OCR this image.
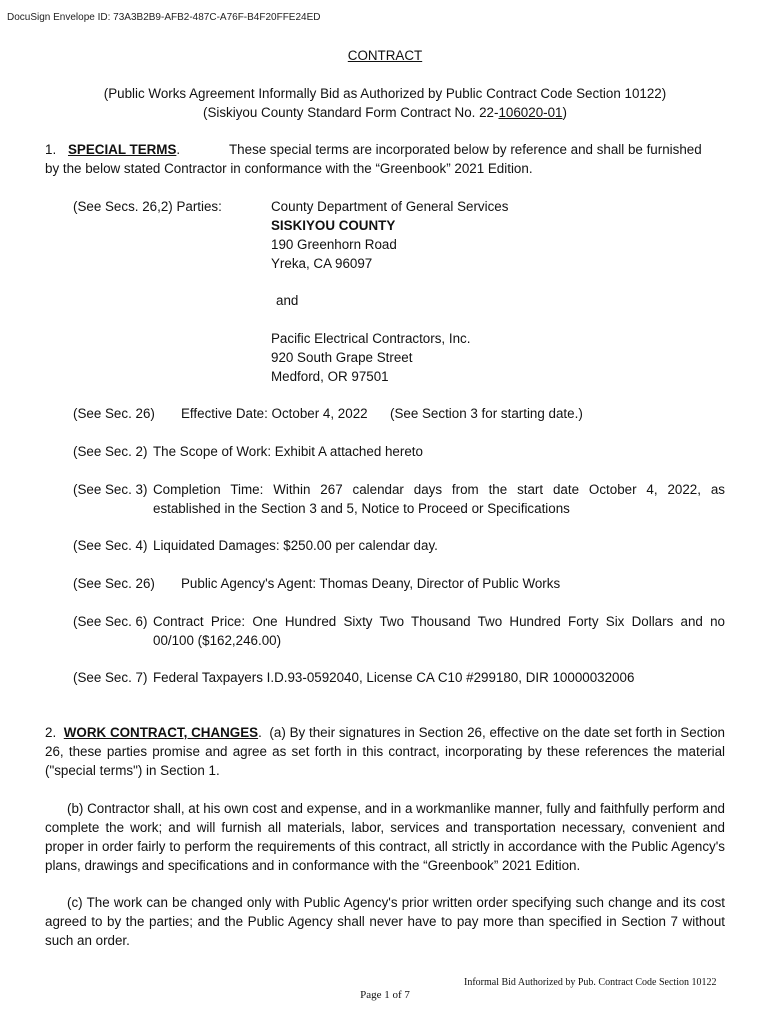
DocuSign Envelope ID: 73A3B2B9-AFB2-487C-A76F-B4F20FFE24ED
CONTRACT
(Public Works Agreement Informally Bid as Authorized by Public Contract Code Section 10122)
(Siskiyou County Standard Form Contract No. 22-106020-01)
1. SPECIAL TERMS.	These special terms are incorporated below by reference and shall be furnished
by the below stated Contractor in conformance with the “Greenbook” 2021 Edition.
(See Secs. 26,2) Parties:	County Department of General Services
SISKIYOU COUNTY
190 Greenhorn Road
Yreka, CA 96097
and
Pacific Electrical Contractors, Inc.
920 South Grape Street
Medford, OR 97501
(See Sec. 26) Effective Date: October 4, 2022 (See Section 3 for starting date.)
(See Sec. 2) The Scope of Work: Exhibit A attached hereto
(See Sec. 3) Completion Time: Within 267 calendar days from the start date October 4, 2022, as
established in the Section 3 and 5, Notice to Proceed or Specifications
(See Sec. 4) Liquidated Damages: $250.00 per calendar day.
(See Sec. 26) Public Agency's Agent: Thomas Deany, Director of Public Works
(See Sec. 6) Contract Price: One Hundred Sixty Two Thousand Two Hundred Forty Six Dollars and no
00/100 ($162,246.00)
(See Sec. 7) Federal Taxpayers I.D.93-0592040, License CA C10 #299180, DIR 10000032006
2. WORK CONTRACT, CHANGES. (a) By their signatures in Section 26, effective on the date set forth in Section 26, these parties promise and agree as set forth in this contract, incorporating by these references the material ("special terms") in Section 1.
(b) Contractor shall, at his own cost and expense, and in a workmanlike manner, fully and faithfully perform and complete the work; and will furnish all materials, labor, services and transportation necessary, convenient and proper in order fairly to perform the requirements of this contract, all strictly in accordance with the Public Agency's plans, drawings and specifications and in conformance with the “Greenbook” 2021 Edition.
(c) The work can be changed only with Public Agency's prior written order specifying such change and its cost agreed to by the parties; and the Public Agency shall never have to pay more than specified in Section 7 without such an order.
Informal Bid Authorized by Pub. Contract Code Section 10122
Page 1 of 7
